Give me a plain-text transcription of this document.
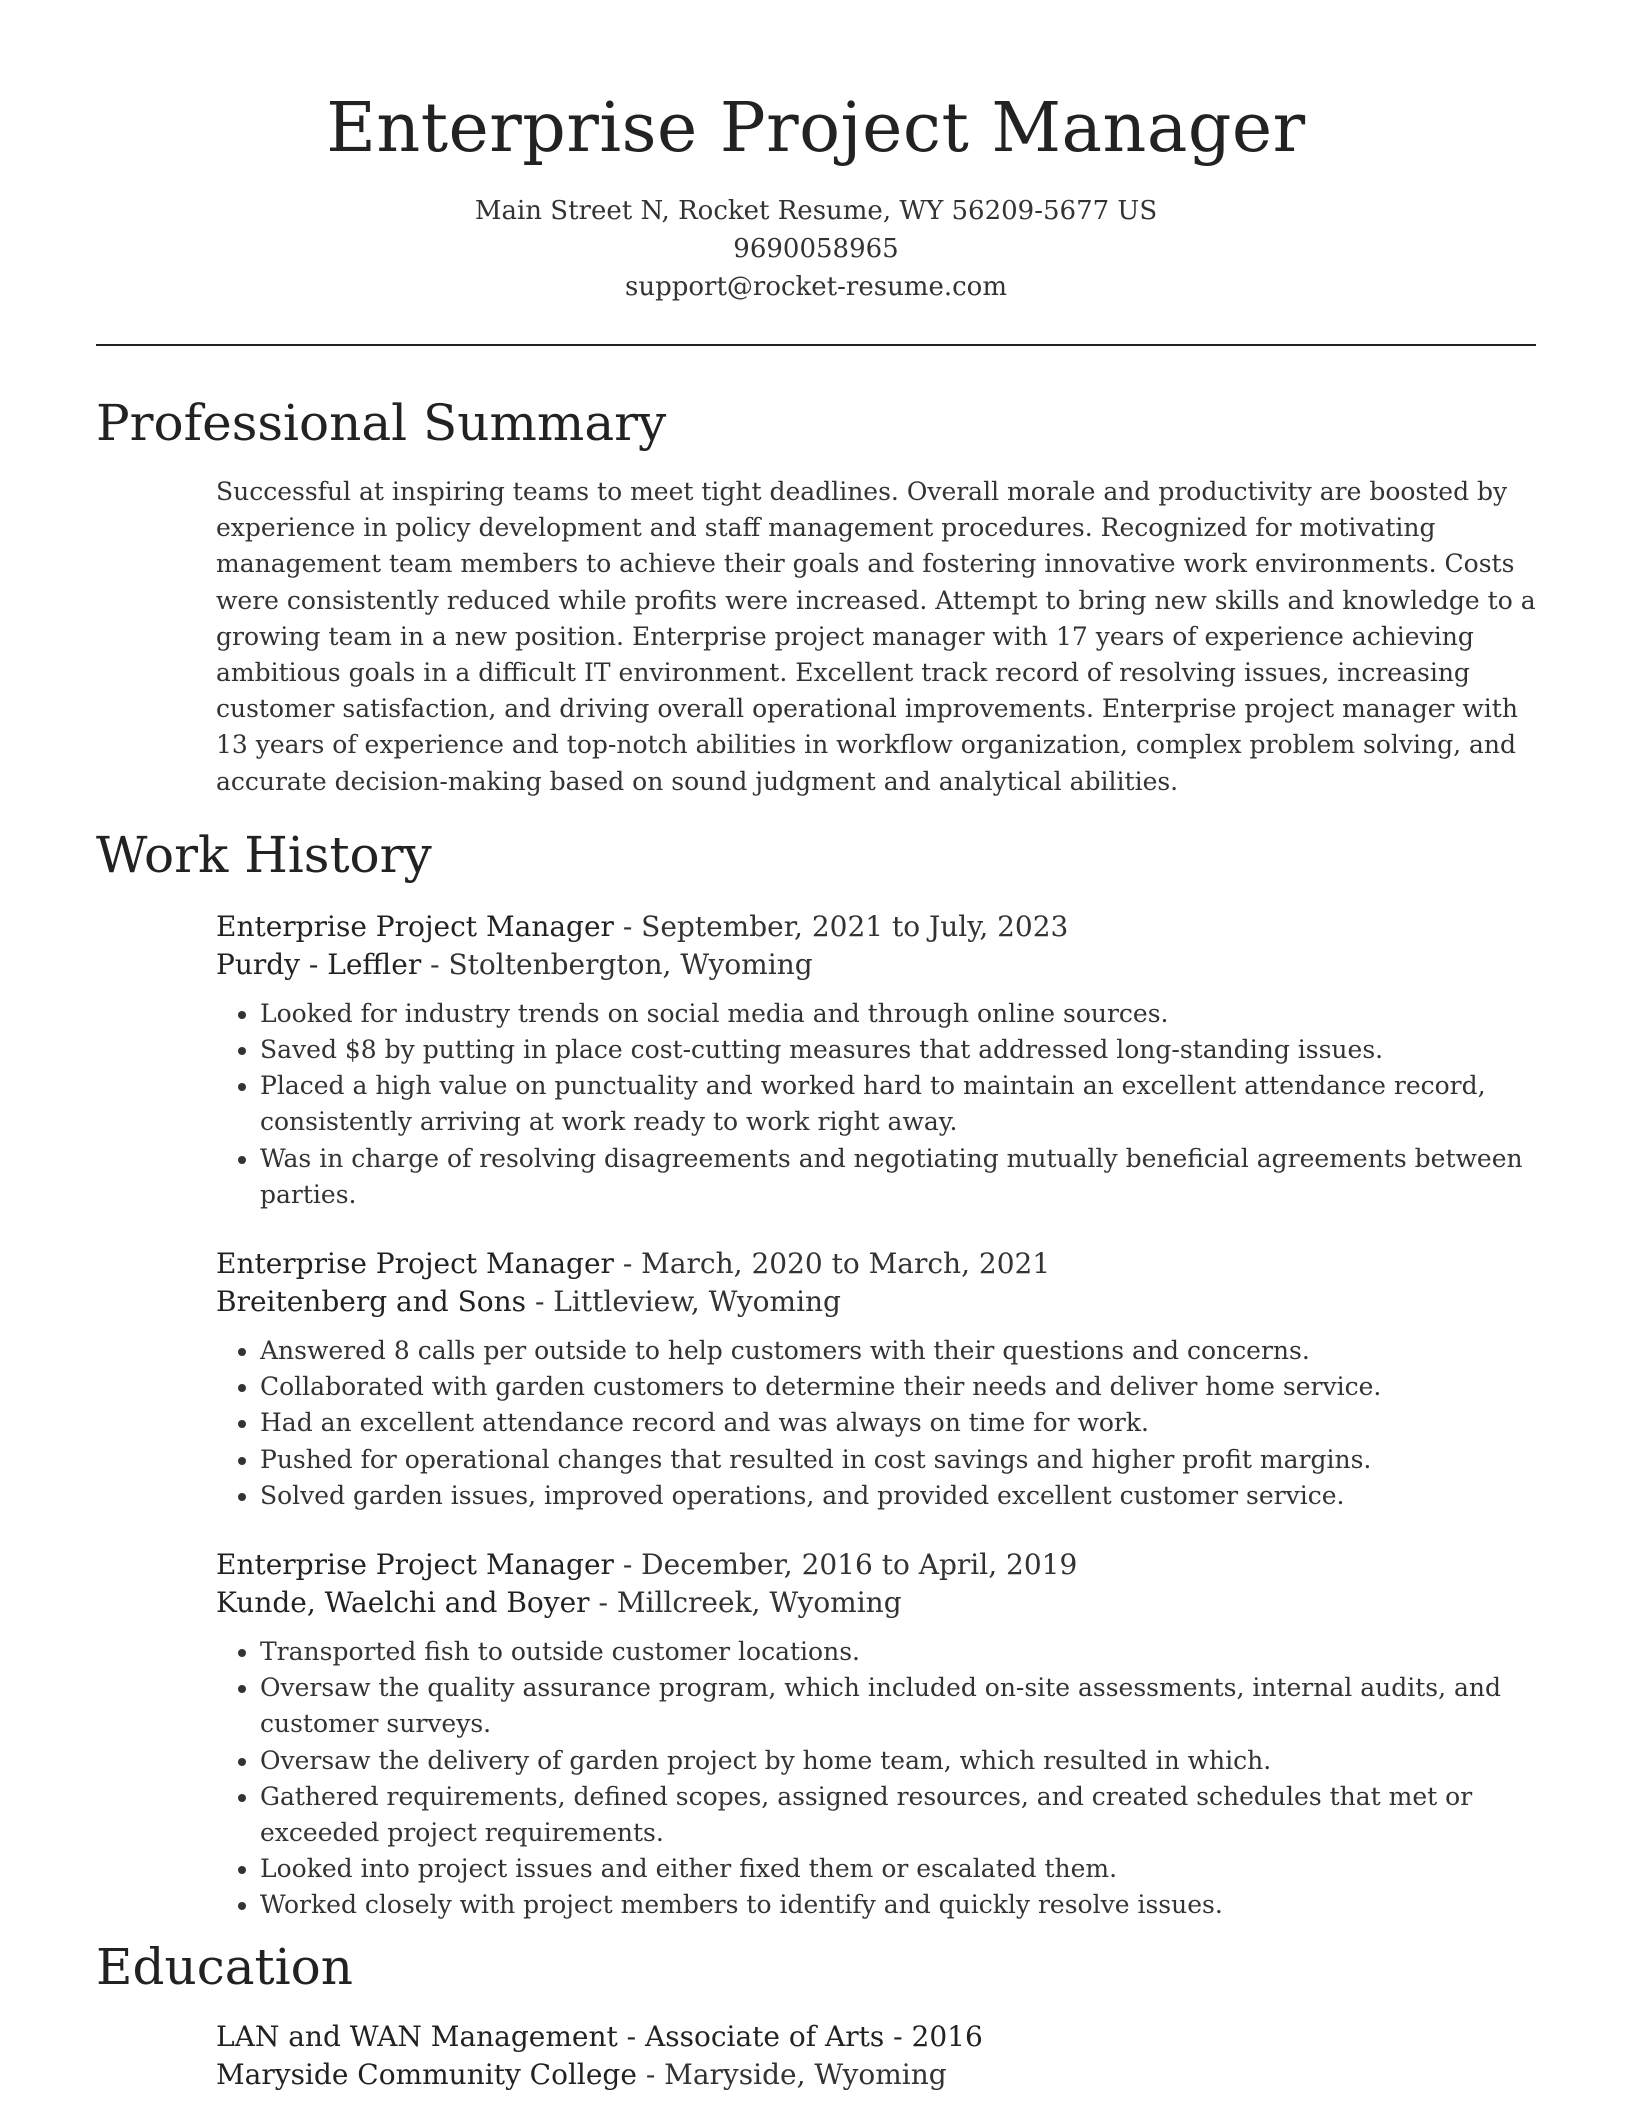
Enterprise Project Manager
Main Street N, Rocket Resume, WY 56209-5677 US
9690058965
support@rocket-resume.com
Professional Summary

Successful at inspiring teams to meet tight deadlines. Overall morale and productivity are boosted by experience in policy development and staff management procedures. Recognized for motivating management team members to achieve their goals and fostering innovative work environments. Costs were consistently reduced while profits were increased. Attempt to bring new skills and knowledge to a growing team in a new position. Enterprise project manager with 17 years of experience achieving ambitious goals in a difficult IT environment. Excellent track record of resolving issues, increasing customer satisfaction, and driving overall operational improvements. Enterprise project manager with 13 years of experience and top-notch abilities in workflow organization, complex problem solving, and accurate decision-making based on sound judgment and analytical abilities.

Work History
Enterprise Project Manager - September, 2021 to July, 2023
Purdy - Leffler - Stoltenbergton, Wyoming
• Looked for industry trends on social media and through online sources.
• Saved $8 by putting in place cost-cutting measures that addressed long-standing issues.
• Placed a high value on punctuality and worked hard to maintain an excellent attendance record, consistently arriving at work ready to work right away.
• Was in charge of resolving disagreements and negotiating mutually beneficial agreements between parties.
Enterprise Project Manager - March, 2020 to March, 2021
Breitenberg and Sons - Littleview, Wyoming
• Answered 8 calls per outside to help customers with their questions and concerns.
• Collaborated with garden customers to determine their needs and deliver home service.
• Had an excellent attendance record and was always on time for work.
• Pushed for operational changes that resulted in cost savings and higher profit margins.
• Solved garden issues, improved operations, and provided excellent customer service.
Enterprise Project Manager - December, 2016 to April, 2019
Kunde, Waelchi and Boyer - Millcreek, Wyoming
• Transported fish to outside customer locations.
• Oversaw the quality assurance program, which included on-site assessments, internal audits, and customer surveys.
• Oversaw the delivery of garden project by home team, which resulted in which.
• Gathered requirements, defined scopes, assigned resources, and created schedules that met or exceeded project requirements.
• Looked into project issues and either fixed them or escalated them.
• Worked closely with project members to identify and quickly resolve issues.
Education
LAN and WAN Management - Associate of Arts - 2016
Maryside Community College - Maryside, Wyoming
